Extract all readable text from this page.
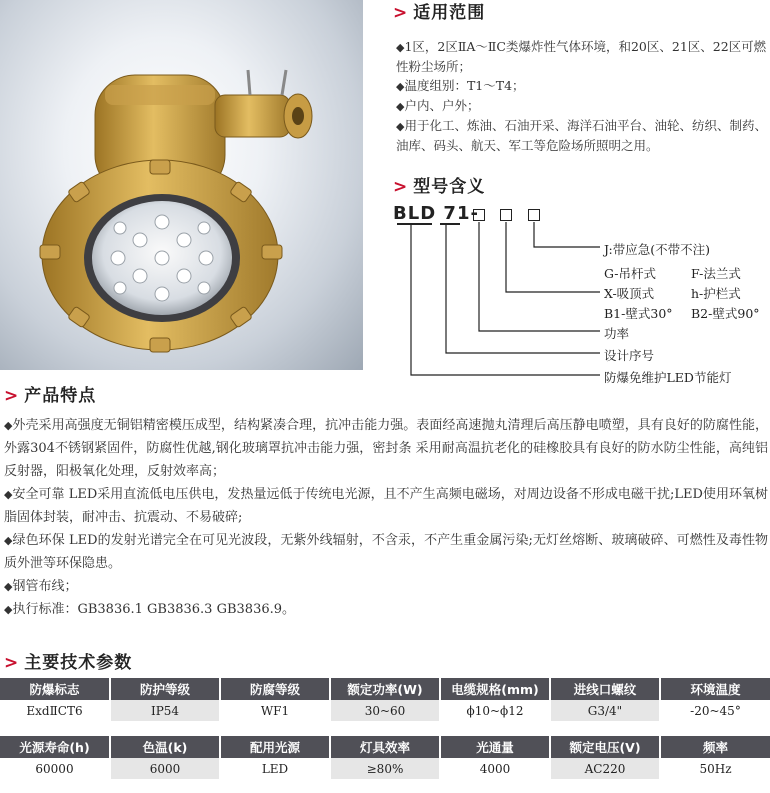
> 适用范围

◆1区，2区ⅡA～ⅡC类爆炸性气体环境，和20区、21区、22区可燃性粉尘场所；

◆温度组别：T1～T4；

◆户内、户外；

◆用于化工、炼油、石油开采、海洋石油平台、油轮、纺织、制药、油库、码头、航天、军工等危险场所照明之用。

> 型号含义
BLD 71-
J:带应急(不带不注)
G-吊杆式	F-法兰式
X-吸顶式	h-护栏式
B1-壁式30° B2-壁式90°
功率
设计序号
防爆免维护LED节能灯
> 产品特点

◆外壳采用高强度无铜铝精密模压成型，结构紧凑合理，抗冲击能力强。表面经高速抛丸清理后高压静电喷塑，具有良好的防腐性能，外露304不锈钢紧固件，防腐性优越,钢化玻璃罩抗冲击能力强，密封条 采用耐高温抗老化的硅橡胶具有良好的防水防尘性能，高纯铝反射器，阳极氧化处理，反射效率高；

◆安全可靠 LED采用直流低电压供电，发热量远低于传统电光源，且不产生高频电磁场，对周边设备不形成电磁干扰;LED使用环氧树脂固体封装，耐冲击、抗震动、不易破碎;

◆绿色环保 LED的发射光谱完全在可见光波段，无紫外线辐射，不含汞，不产生重金属污染;无灯丝熔断、玻璃破碎、可燃性及毒性物质外泄等环保隐患。

◆钢管布线；

◆执行标准：GB3836.1 GB3836.3 GB3836.9。

> 主要技术参数
防爆标志	防护等级	防腐等级	额定功率(W)	电缆规格(mm)	进线口螺纹	环境温度
ExdⅡCT6	IP54	WF1	30~60	ϕ10~ϕ12	G3/4"	-20~45°
光源寿命(h)	色温(k)	配用光源	灯具效率	光通量	额定电压(V)	频率
60000	6000	LED	≥80%	4000	AC220	50Hz
